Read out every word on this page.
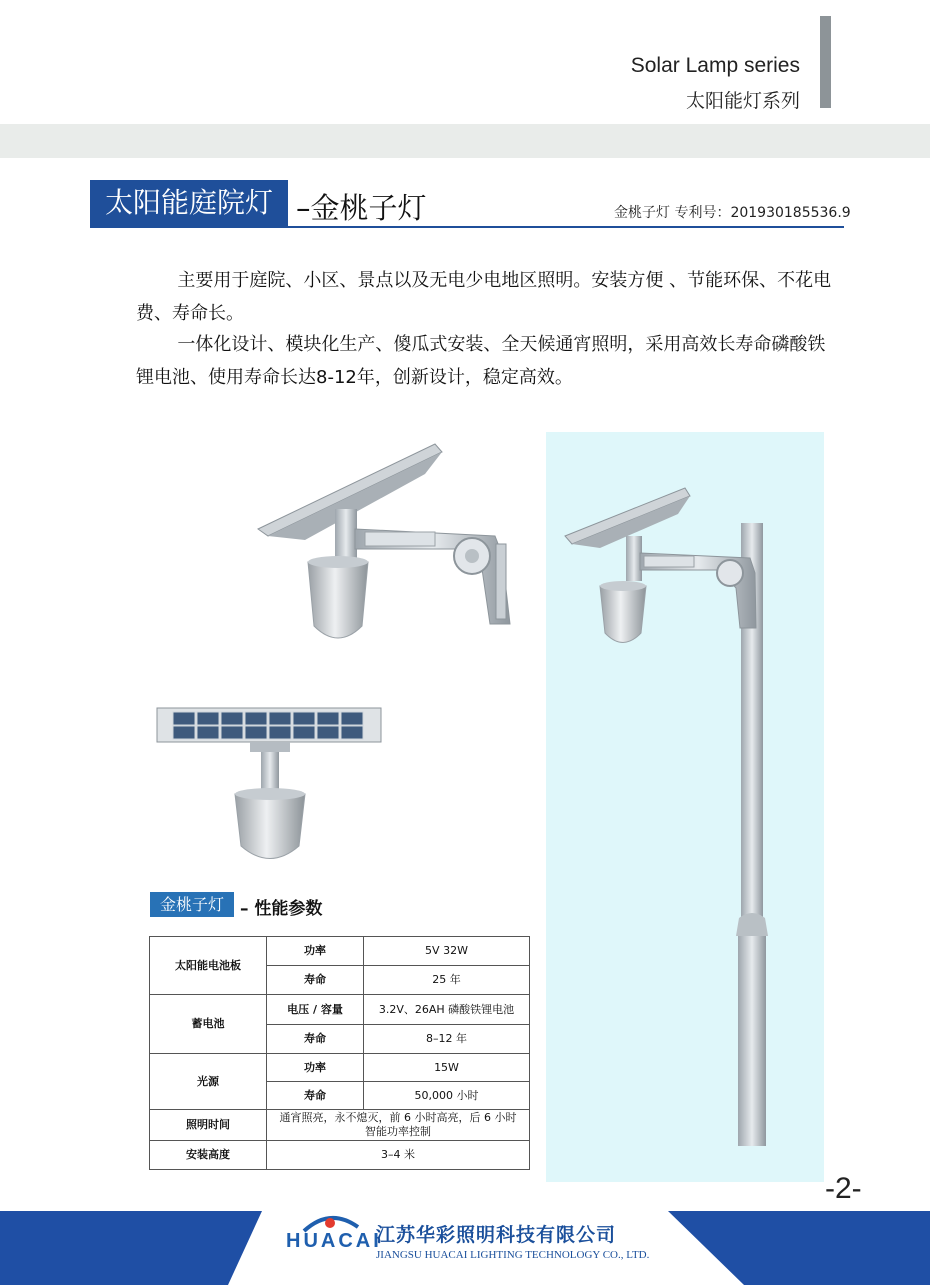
Solar Lamp series
太阳能灯系列
太阳能庭院灯 –金桃子灯	金桃子灯 专利号：201930185536.9

主要用于庭院、小区、景点以及无电少电地区照明。安装方便 、节能环保、不花电费、寿命长。

一体化设计、模块化生产、傻瓜式安装、全天候通宵照明，采用高效长寿命磷酸铁锂电池、使用寿命长达8-12年，创新设计，稳定高效。

金桃子灯 – 性能参数
太阳能电池板	功率	5V 32W
	寿命	25 年
蓄电池	电压 / 容量	3.2V、26AH 磷酸铁锂电池
	寿命	8–12 年
光源	功率	15W
	寿命	50,000 小时
照明时间	通宵照亮，永不熄灭，前 6 小时高亮，后 6 小时
智能功率控制	

安装高度	3–4 米	
-2-
HUACAI
江苏华彩照明科技有限公司
JIANGSU HUACAI LIGHTING TECHNOLOGY CO., LTD.
